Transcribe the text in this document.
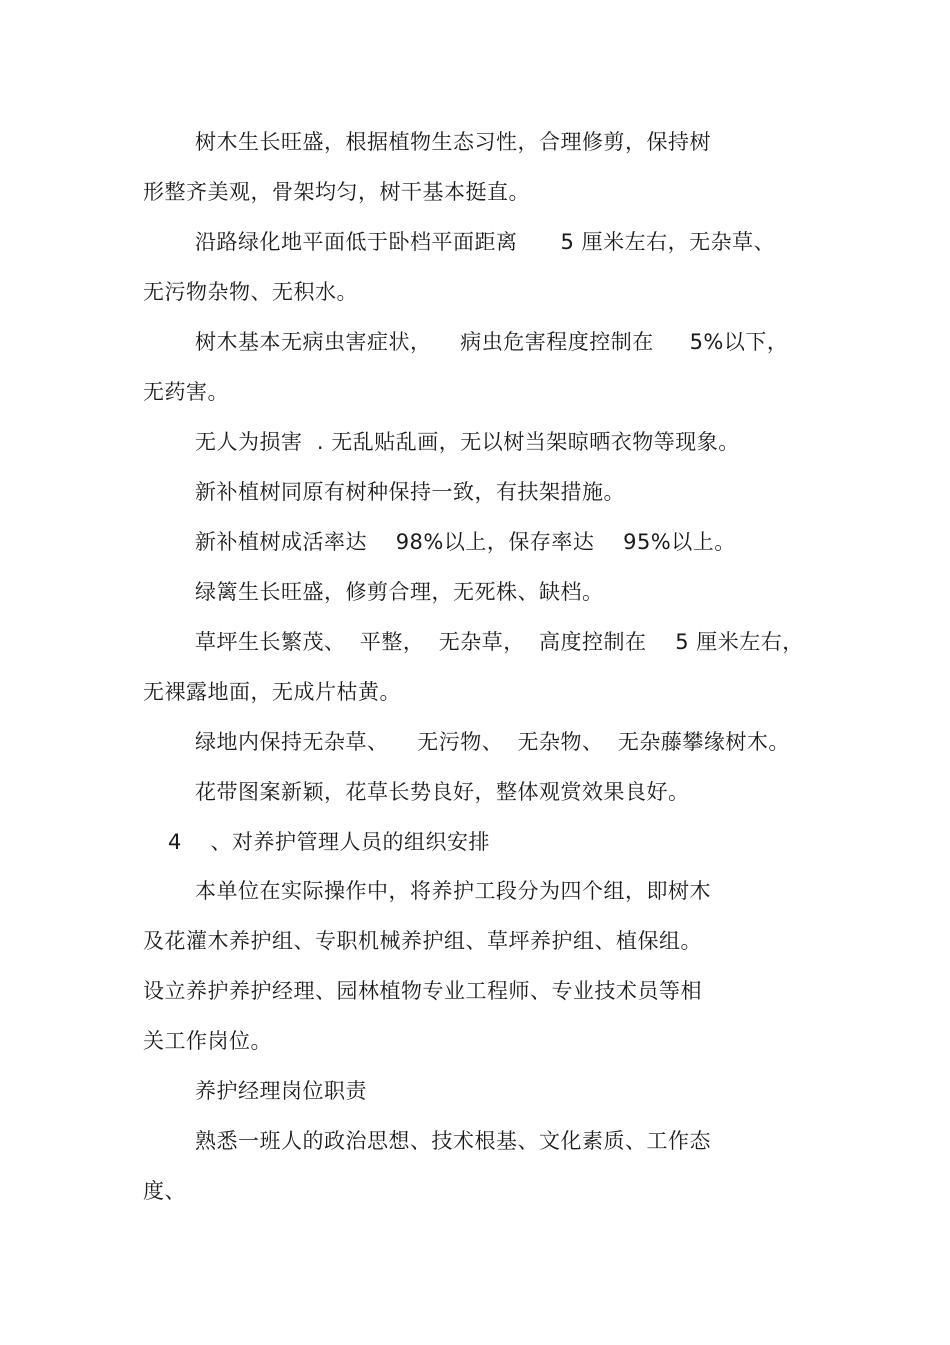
树木生长旺盛，根据植物生态习性，合理修剪，保持树
形整齐美观，骨架均匀，树干基本挺直。
沿路绿化地平面低于卧档平面距离      5 厘米左右，无杂草、
无污物杂物、无积水。
树木基本无病虫害症状，    病虫危害程度控制在     5%以下，
无药害。
无人为损害  . 无乱贴乱画，无以树当架晾晒衣物等现象。
新补植树同原有树种保持一致，有扶架措施。
新补植树成活率达    98%以上，保存率达    95%以上。
绿篱生长旺盛，修剪合理，无死株、缺档。
草坪生长繁茂、  平整，  无杂草，  高度控制在    5 厘米左右，
无裸露地面，无成片枯黄。
绿地内保持无杂草、    无污物、  无杂物、  无杂藤攀缘树木。
花带图案新颖，花草长势良好，整体观赏效果良好。
4    、对养护管理人员的组织安排
本单位在实际操作中，将养护工段分为四个组，即树木
及花灌木养护组、专职机械养护组、草坪养护组、植保组。
设立养护养护经理、园林植物专业工程师、专业技术员等相
关工作岗位。
养护经理岗位职责
熟悉一班人的政治思想、技术根基、文化素质、工作态
度、
